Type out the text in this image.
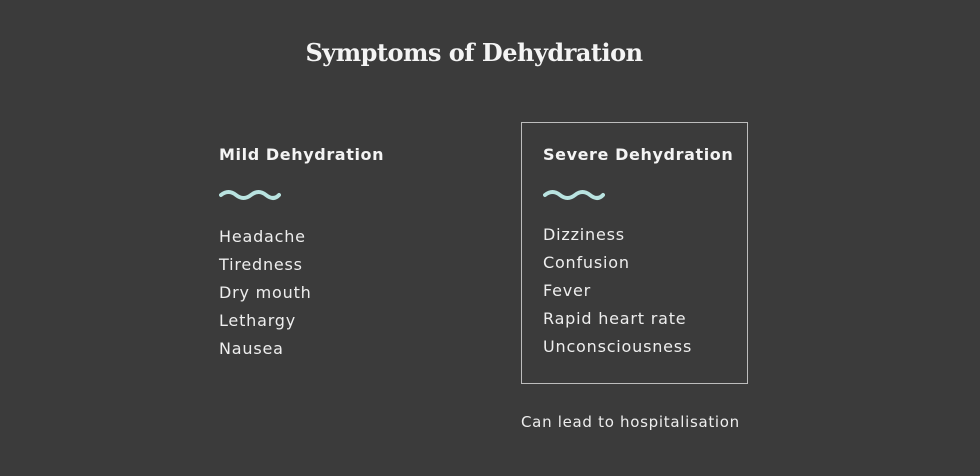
Symptoms of Dehydration
Mild Dehydration
Headache
Tiredness
Dry mouth
Lethargy
Nausea
Severe Dehydration
Dizziness
Confusion
Fever
Rapid heart rate
Unconsciousness
Can lead to hospitalisation
